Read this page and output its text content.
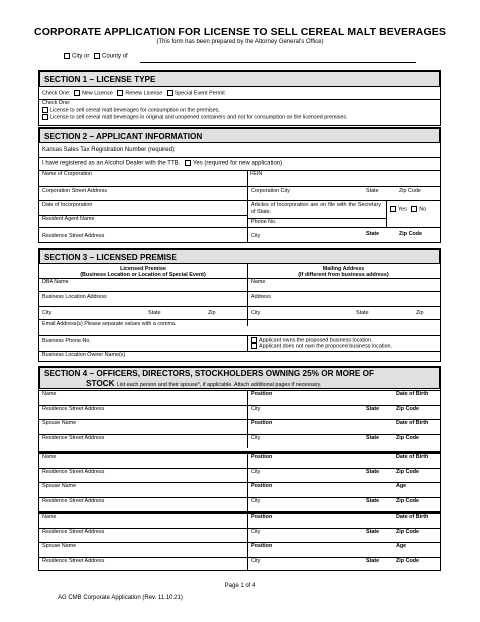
CORPORATE APPLICATION FOR LICENSE TO SELL CEREAL MALT BEVERAGES
(This form has been prepared by the Attorney General's Office)
City or County of
SECTION 1 – LICENSE TYPE
Check One: New License Renew License Special Event Permit
Check One:
License to sell cereal malt beverages for consumption on the premises.
License to sell cereal malt beverages in original and unopened containers and not for consumption on the licensed premises.
SECTION 2 – APPLICANT INFORMATION
Kansas Sales Tax Registration Number (required):
I have registered as an Alcohol Dealer with the TTB. Yes (required for new application)
Name of Corporation	FEIN
Corporation Street Address	Corporation City	State	Zip Code
Date of Incorporation	Articles of Incorporation are on file with the Secretary of State.	Yes No
Resident Agent Name	Phone No.
Residence Street Address	City	State	Zip Code
SECTION 3 – LICENSED PREMISE
Licensed Premise
(Business Location or Location of Special Event)
Mailing Address
(If different from business address)
DBA Name	Name
Business Location Address	Address
City	State	Zip	City	State	Zip
Email Address(s) Please separate values with a comma.
Business Phone No.	Applicant owns the proposed business location.
Applicant does not own the proposed business location.
Business Location Owner Name(s)
SECTION 4 – OFFICERS, DIRECTORS, STOCKHOLDERS OWNING 25% OR MORE OF
STOCK List each person and their spouse*, if applicable. Attach additional pages if necessary.
Name	Position	Date of Birth
Residence Street Address	City	State	Zip Code
Spouse Name	Position	Date of Birth
Residence Street Address	City	State	Zip Code
Name	Position	Date of Birth
Residence Street Address	City	State	Zip Code
Spouse Name	Position	Age
Residence Street Address	City	State	Zip Code
Name	Position	Date of Birth
Residence Street Address	City	State	Zip Code
Spouse Name	Position	Age
Residence Street Address	City	State	Zip Code
Page 1 of 4
AG CMB Corporate Application (Rev. 11.10.21)
